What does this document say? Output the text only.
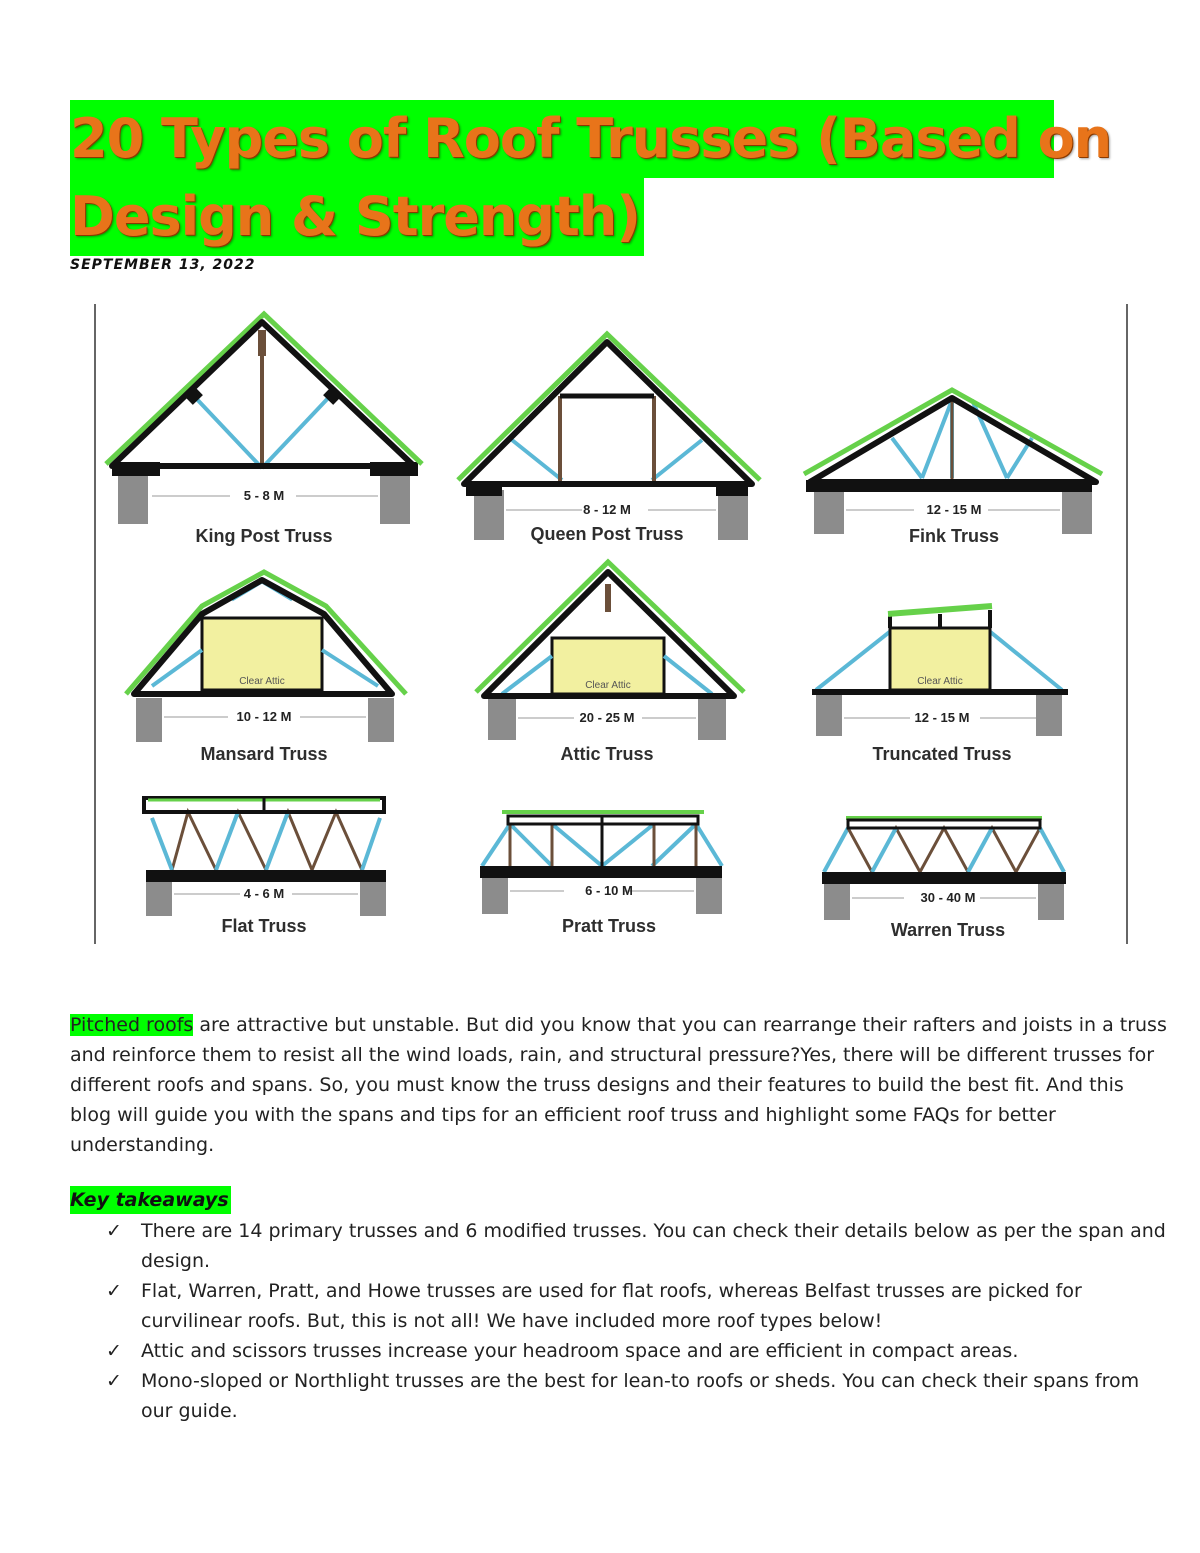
20 Types of Roof Trusses (Based on
Design & Strength)
SEPTEMBER 13, 2022
Clear Attic	Clear Attic	Clear Attic
5 - 8 M
8 - 12 M	12 - 15 M
10 - 12 M	20 - 25 M	12 - 15 M
4 - 6 M	6 - 10 M	30 - 40 M
King Post Truss	Queen Post Truss	Fink Truss
Mansard Truss	Attic Truss	Truncated Truss
Flat Truss	Pratt Truss	Warren Truss
Pitched roofs are attractive but unstable. But did you know that you can rearrange their rafters and joists in a truss and reinforce them to resist all the wind loads, rain, and structural pressure?Yes, there will be different trusses for different roofs and spans. So, you must know the truss designs and their features to build the best fit. And this blog will guide you with the spans and tips for an efficient roof truss and highlight some FAQs for better understanding.
Key takeaways
✓ There are 14 primary trusses and 6 modified trusses. You can check their details below as per the span and design.
✓ Flat, Warren, Pratt, and Howe trusses are used for flat roofs, whereas Belfast trusses are picked for curvilinear roofs. But, this is not all! We have included more roof types below!
✓ Attic and scissors trusses increase your headroom space and are efficient in compact areas.
✓ Mono-sloped or Northlight trusses are the best for lean-to roofs or sheds. You can check their spans from our guide.
